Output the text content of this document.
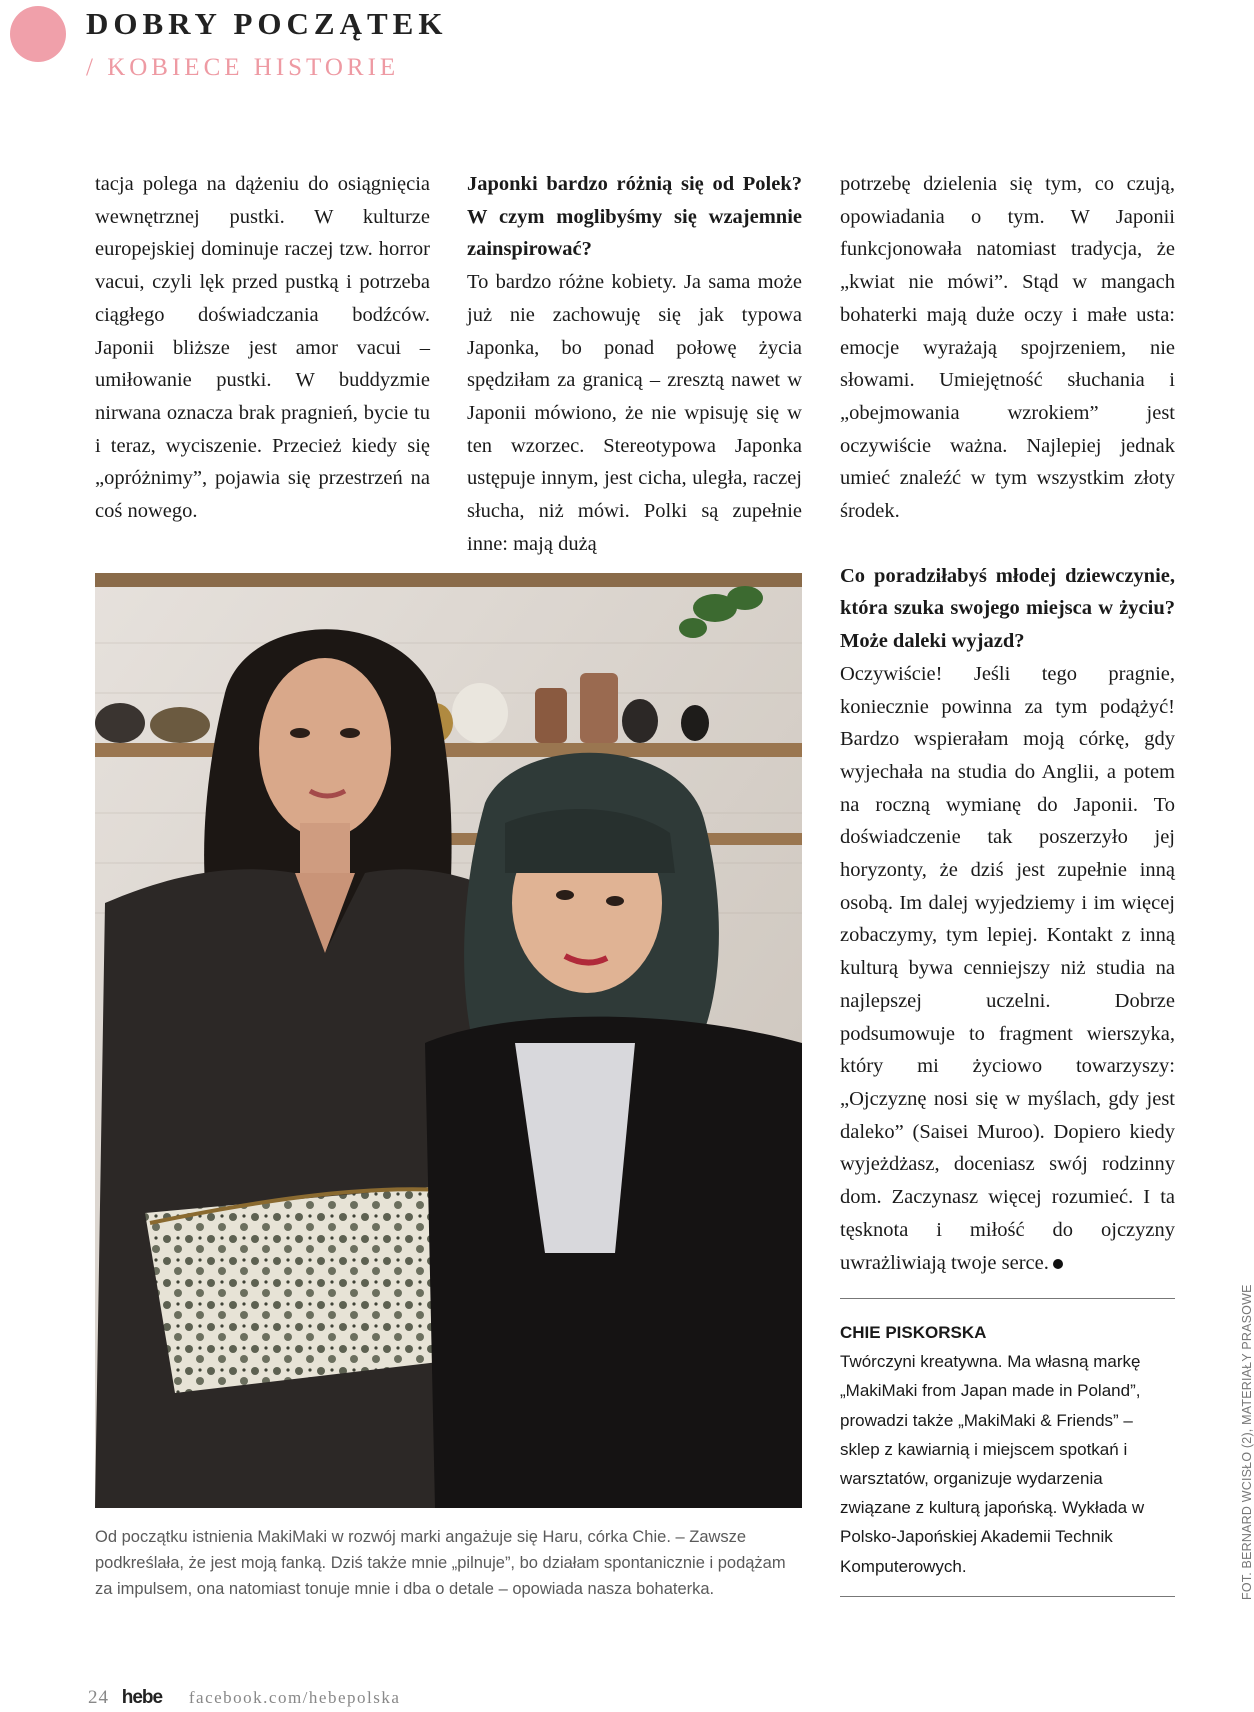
DOBRY POCZĄTEK
/ KOBIECE HISTORIE

tacja polega na dążeniu do osiągnięcia wewnętrznej pustki. W kulturze europejskiej dominuje raczej tzw. horror vacui, czyli lęk przed pustką i potrzeba ciągłego doświadczania bodźców. Japonii bliższe jest amor vacui – umiłowanie pustki. W buddyzmie nirwana oznacza brak pragnień, bycie tu i teraz, wyciszenie. Przecież kiedy się „opróżnimy”, pojawia się przestrzeń na coś nowego.

Japonki bardzo różnią się od Polek? W czym moglibyśmy się wzajemnie zainspirować?

To bardzo różne kobiety. Ja sama może już nie zachowuję się jak typowa Japonka, bo ponad połowę życia spędziłam za granicą – zresztą nawet w Japonii mówiono, że nie wpisuję się w ten wzorzec. Stereotypowa Japonka ustępuje innym, jest cicha, uległa, raczej słucha, niż mówi. Polki są zupełnie inne: mają dużą

potrzebę dzielenia się tym, co czują, opowiadania o tym. W Japonii funkcjonowała natomiast tradycja, że „kwiat nie mówi”. Stąd w mangach bohaterki mają duże oczy i małe usta: emocje wyrażają spojrzeniem, nie słowami. Umiejętność słuchania i „obejmowania wzrokiem” jest oczywiście ważna. Najlepiej jednak umieć znaleźć w tym wszystkim złoty środek.

Co poradziłabyś młodej dziewczynie, która szuka swojego miejsca w życiu? Może daleki wyjazd?

Oczywiście! Jeśli tego pragnie, koniecznie powinna za tym podążyć! Bardzo wspierałam moją córkę, gdy wyjechała na studia do Anglii, a potem na roczną wymianę do Japonii. To doświadczenie tak poszerzyło jej horyzonty, że dziś jest zupełnie inną osobą. Im dalej wyjedziemy i im więcej zobaczymy, tym lepiej. Kontakt z inną kulturą bywa cenniejszy niż studia na najlepszej uczelni. Dobrze podsumowuje to fragment wierszyka, który mi życiowo towarzyszy: „Ojczyznę nosi się w myślach, gdy jest daleko” (Saisei Muroo). Dopiero kiedy wyjeżdżasz, doceniasz swój rodzinny dom. Zaczynasz więcej rozumieć. I ta tęsknota i miłość do ojczyzny uwrażliwiają twoje serce.

Od początku istnienia MakiMaki w rozwój marki angażuje się Haru, córka Chie. – Zawsze podkreślała, że jest moją fanką. Dziś także mnie „pilnuje”, bo działam spontanicznie i podążam za impulsem, ona natomiast tonuje mnie i dba o detale – opowiada nasza bohaterka.

CHIE PISKORSKA

Twórczyni kreatywna. Ma własną markę „MakiMaki from Japan made in Poland”, prowadzi także „MakiMaki & Friends” – sklep z kawiarnią i miejscem spotkań i warsztatów, organizuje wydarzenia związane z kulturą japońską. Wykłada w Polsko-Japońskiej Akademii Technik Komputerowych.	FOT. BERNARD WCISŁO (2), MATERIAŁY PRASOWE
24 hebe facebook.com/hebepolska
